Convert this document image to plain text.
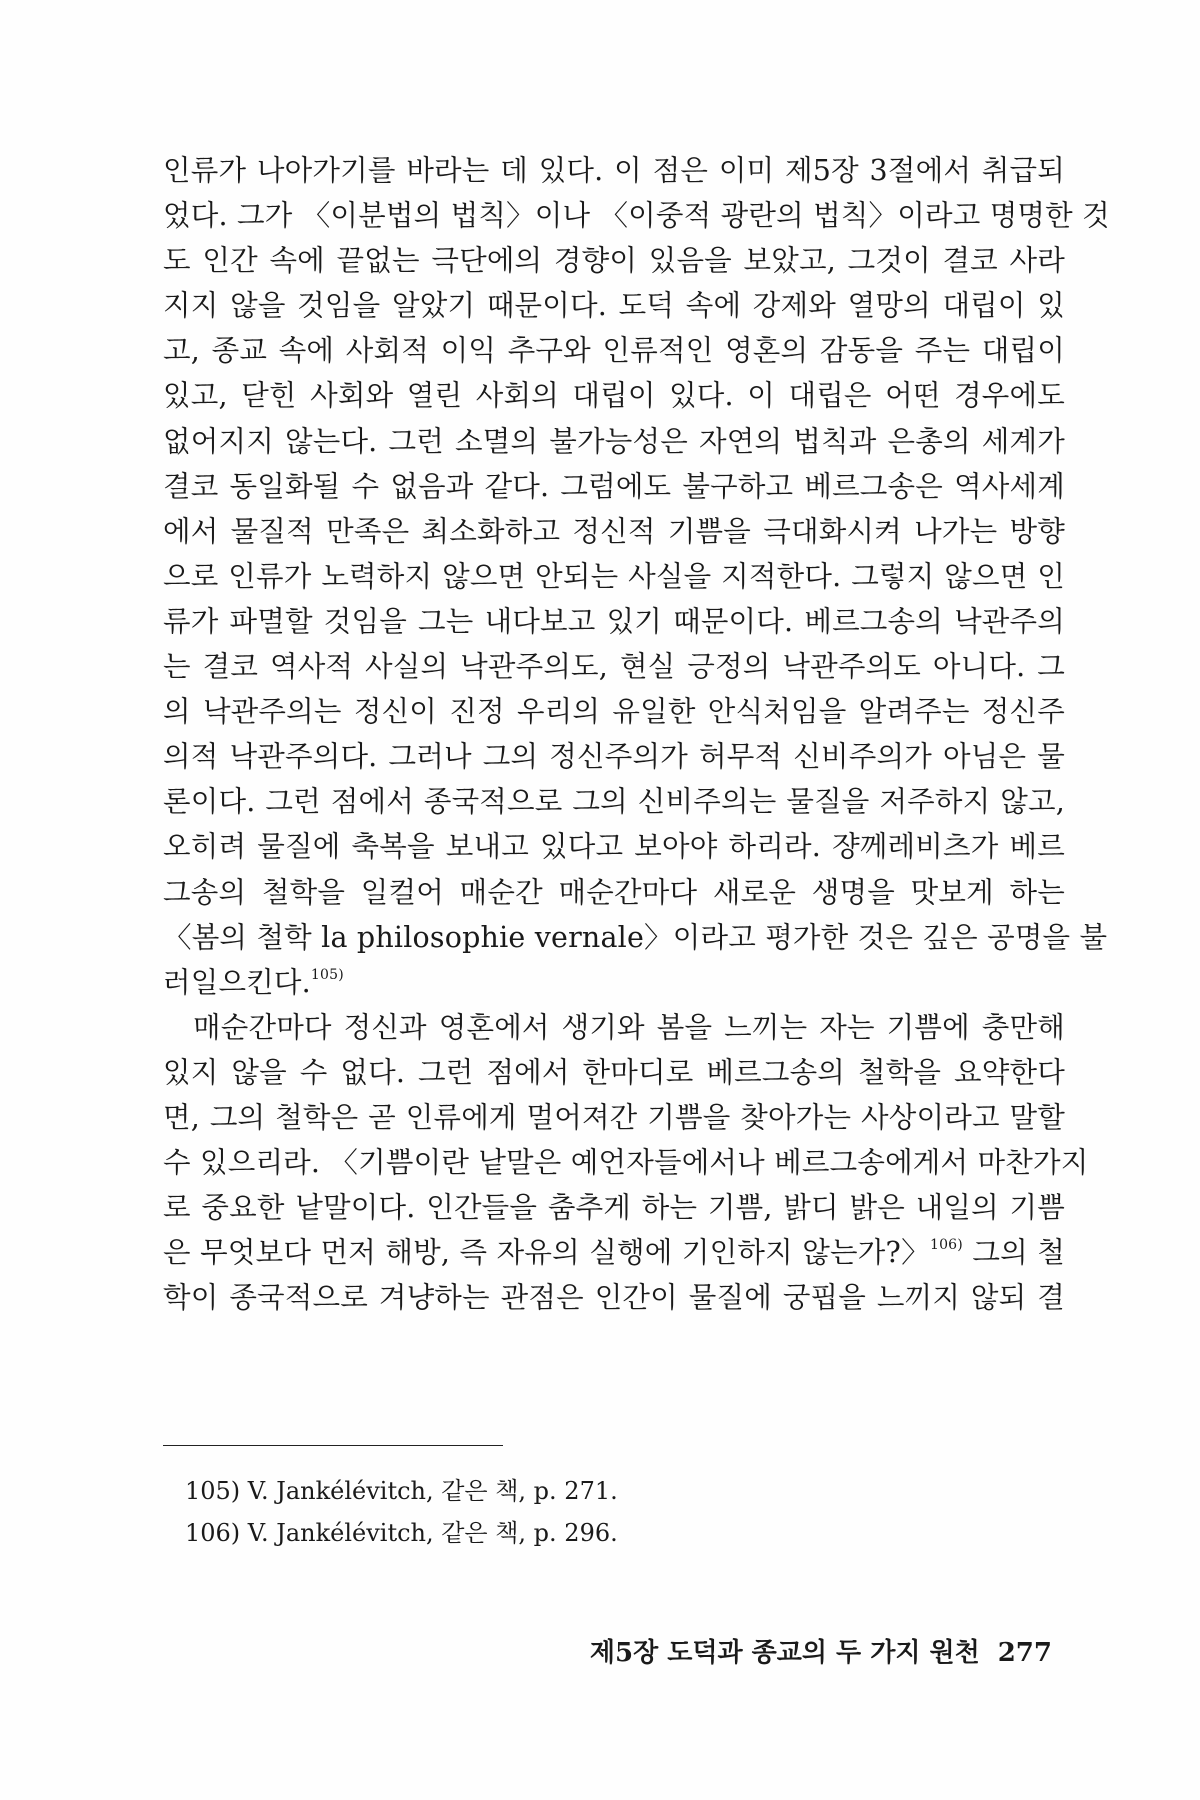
인류가 나아가기를 바라는 데 있다. 이 점은 이미 제5장 3절에서 취급되
었다. 그가 〈이분법의 법칙〉이나 〈이중적 광란의 법칙〉이라고 명명한 것
도 인간 속에 끝없는 극단에의 경향이 있음을 보았고, 그것이 결코 사라
지지 않을 것임을 알았기 때문이다. 도덕 속에 강제와 열망의 대립이 있
고, 종교 속에 사회적 이익 추구와 인류적인 영혼의 감동을 주는 대립이
있고, 닫힌 사회와 열린 사회의 대립이 있다. 이 대립은 어떤 경우에도
없어지지 않는다. 그런 소멸의 불가능성은 자연의 법칙과 은총의 세계가
결코 동일화될 수 없음과 같다. 그럼에도 불구하고 베르그송은 역사세계
에서 물질적 만족은 최소화하고 정신적 기쁨을 극대화시켜 나가는 방향
으로 인류가 노력하지 않으면 안되는 사실을 지적한다. 그렇지 않으면 인
류가 파멸할 것임을 그는 내다보고 있기 때문이다. 베르그송의 낙관주의
는 결코 역사적 사실의 낙관주의도, 현실 긍정의 낙관주의도 아니다. 그
의 낙관주의는 정신이 진정 우리의 유일한 안식처임을 알려주는 정신주
의적 낙관주의다. 그러나 그의 정신주의가 허무적 신비주의가 아님은 물
론이다. 그런 점에서 종국적으로 그의 신비주의는 물질을 저주하지 않고,
오히려 물질에 축복을 보내고 있다고 보아야 하리라. 쟝께레비츠가 베르
그송의 철학을 일컬어 매순간 매순간마다 새로운 생명을 맛보게 하는
〈봄의 철학 la philosophie vernale〉이라고 평가한 것은 깊은 공명을 불
러일으킨다.$^{105)}$
매순간마다 정신과 영혼에서 생기와 봄을 느끼는 자는 기쁨에 충만해
있지 않을 수 없다. 그런 점에서 한마디로 베르그송의 철학을 요약한다
면, 그의 철학은 곧 인류에게 멀어져간 기쁨을 찾아가는 사상이라고 말할
수 있으리라. 〈기쁨이란 낱말은 예언자들에서나 베르그송에게서 마찬가지
로 중요한 낱말이다. 인간들을 춤추게 하는 기쁨, 밝디 밝은 내일의 기쁨
은 무엇보다 먼저 해방, 즉 자유의 실행에 기인하지 않는가?〉$^{106)}$ 그의 철
학이 종국적으로 겨냥하는 관점은 인간이 물질에 궁핍을 느끼지 않되 결
105) V. Jankélévitch, 같은 책, p. 271.
106) V. Jankélévitch, 같은 책, p. 296.
제5장 도덕과 종교의 두 가지 원천 277
